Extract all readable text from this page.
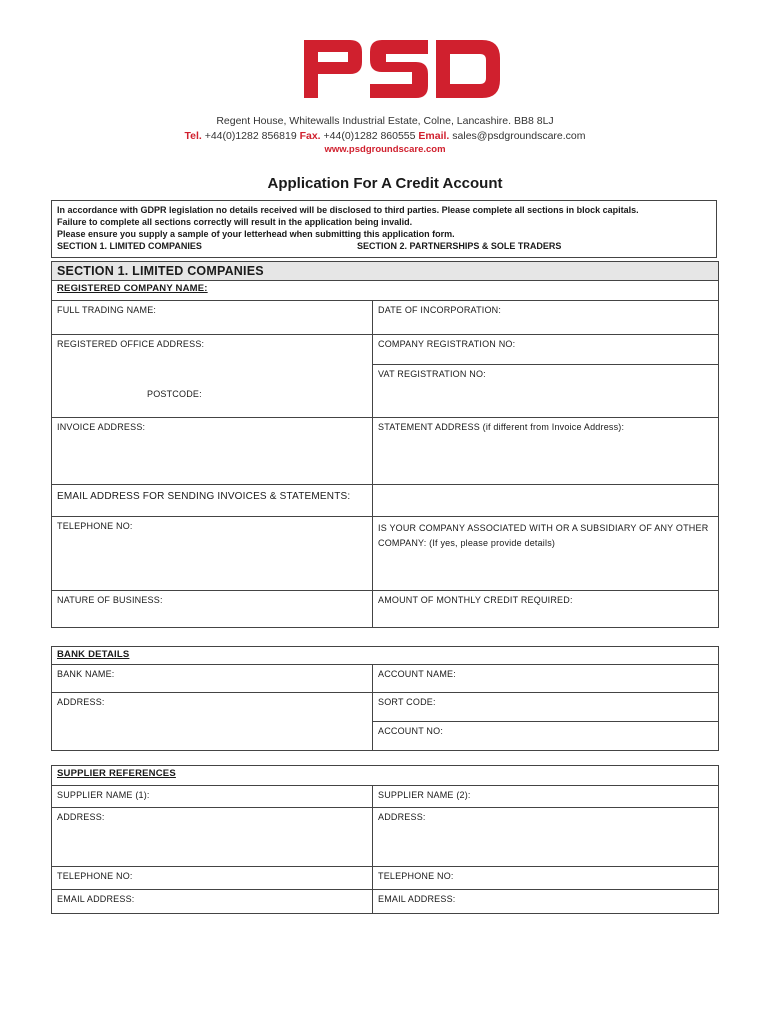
PSD
Regent House, Whitewalls Industrial Estate, Colne, Lancashire. BB8 8LJ
Tel. +44(0)1282 856819 Fax. +44(0)1282 860555 Email. sales@psdgroundscare.com
www.psdgroundscare.com
Application For A Credit Account
In accordance with GDPR legislation no details received will be disclosed to third parties. Please complete all sections in block capitals.
Failure to complete all sections correctly will result in the application being invalid.
Please ensure you supply a sample of your letterhead when submitting this application form.
SECTION 1. LIMITED COMPANIES	SECTION 2. PARTNERSHIPS & SOLE TRADERS
SECTION 1. LIMITED COMPANIES	
REGISTERED COMPANY NAME:	
FULL TRADING NAME:	DATE OF INCORPORATION:
REGISTERED OFFICE ADDRESS:
POSTCODE:	COMPANY REGISTRATION NO:
	VAT REGISTRATION NO:
INVOICE ADDRESS:	STATEMENT ADDRESS (if different from Invoice Address):
EMAIL ADDRESS FOR SENDING INVOICES & STATEMENTS:	
TELEPHONE NO:	IS YOUR COMPANY ASSOCIATED WITH OR A SUBSIDIARY OF ANY OTHER COMPANY: (If yes, please provide details)
NATURE OF BUSINESS:	AMOUNT OF MONTHLY CREDIT REQUIRED:
BANK DETAILS	
BANK NAME:	ACCOUNT NAME:
ADDRESS:	SORT CODE:
	ACCOUNT NO:
SUPPLIER REFERENCES	
SUPPLIER NAME (1):	SUPPLIER NAME (2):
ADDRESS:	ADDRESS:
TELEPHONE NO:	TELEPHONE NO:
EMAIL ADDRESS:	EMAIL ADDRESS:
